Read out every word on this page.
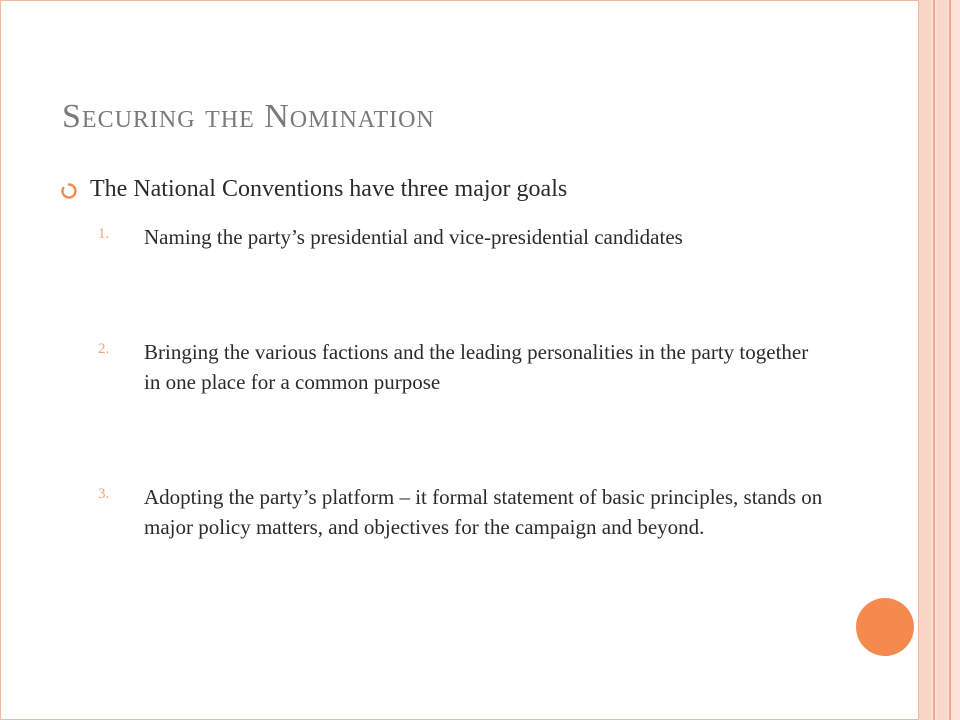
Securing the Nomination
The National Conventions have three major goals
1. Naming the party’s presidential and vice-presidential candidates
2. Bringing the various factions and the leading personalities in the party together in one place for a common purpose
3. Adopting the party’s platform – it formal statement of basic principles, stands on major policy matters, and objectives for the campaign and beyond.
